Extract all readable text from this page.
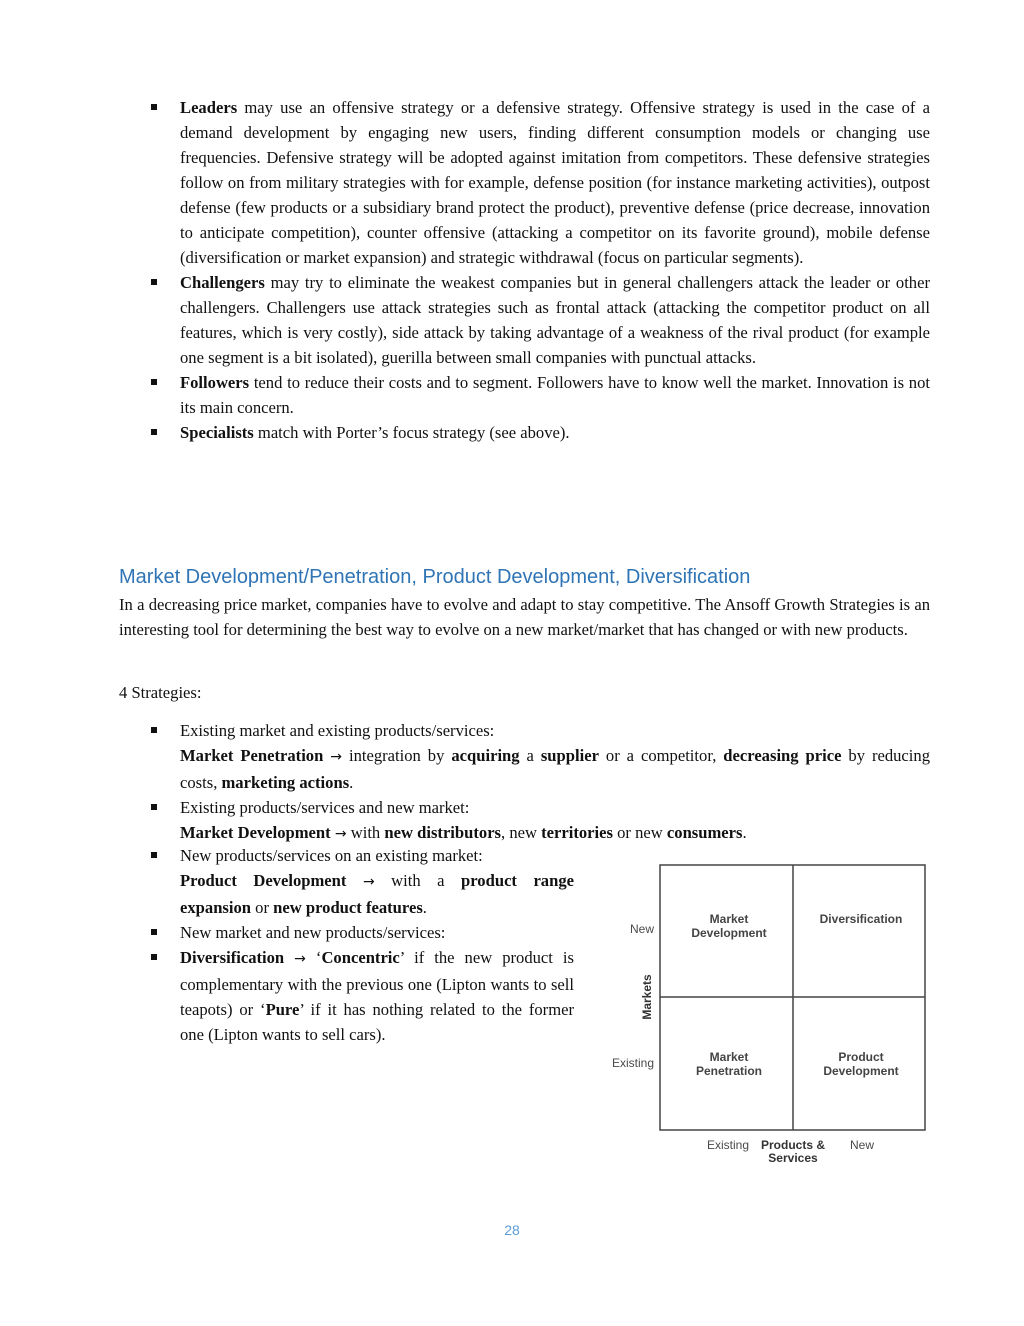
Leaders may use an offensive strategy or a defensive strategy. Offensive strategy is used in the case of a demand development by engaging new users, finding different consumption models or changing use frequencies. Defensive strategy will be adopted against imitation from competitors. These defensive strategies follow on from military strategies with for example, defense position (for instance marketing activities), outpost defense (few products or a subsidiary brand protect the product), preventive defense (price decrease, innovation to anticipate competition), counter offensive (attacking a competitor on its favorite ground), mobile defense (diversification or market expansion) and strategic withdrawal (focus on particular segments).
Challengers may try to eliminate the weakest companies but in general challengers attack the leader or other challengers. Challengers use attack strategies such as frontal attack (attacking the competitor product on all features, which is very costly), side attack by taking advantage of a weakness of the rival product (for example one segment is a bit isolated), guerilla between small companies with punctual attacks.
Followers tend to reduce their costs and to segment. Followers have to know well the market. Innovation is not its main concern.
Specialists match with Porter’s focus strategy (see above).
Market Development/Penetration, Product Development, Diversification

In a decreasing price market, companies have to evolve and adapt to stay competitive. The Ansoff Growth Strategies is an interesting tool for determining the best way to evolve on a new market/market that has changed or with new products.

4 Strategies:

Existing market and existing products/services:
Market Penetration → integration by acquiring a supplier or a competitor, decreasing price by reducing costs, marketing actions.
Existing products/services and new market:
Market Development → with new distributors, new territories or new consumers.
New products/services on an existing market:
Product Development → with a product range expansion or new product features.
New market and new products/services:
Diversification → ‘Concentric’ if the new product is complementary with the previous one (Lipton wants to sell teapots) or ‘Pure’ if it has nothing related to the former one (Lipton wants to sell cars).
Market
Development
Diversification
Market
Penetration
Product
Development
New
Existing
Markets
Existing Products &
Services
New
28
